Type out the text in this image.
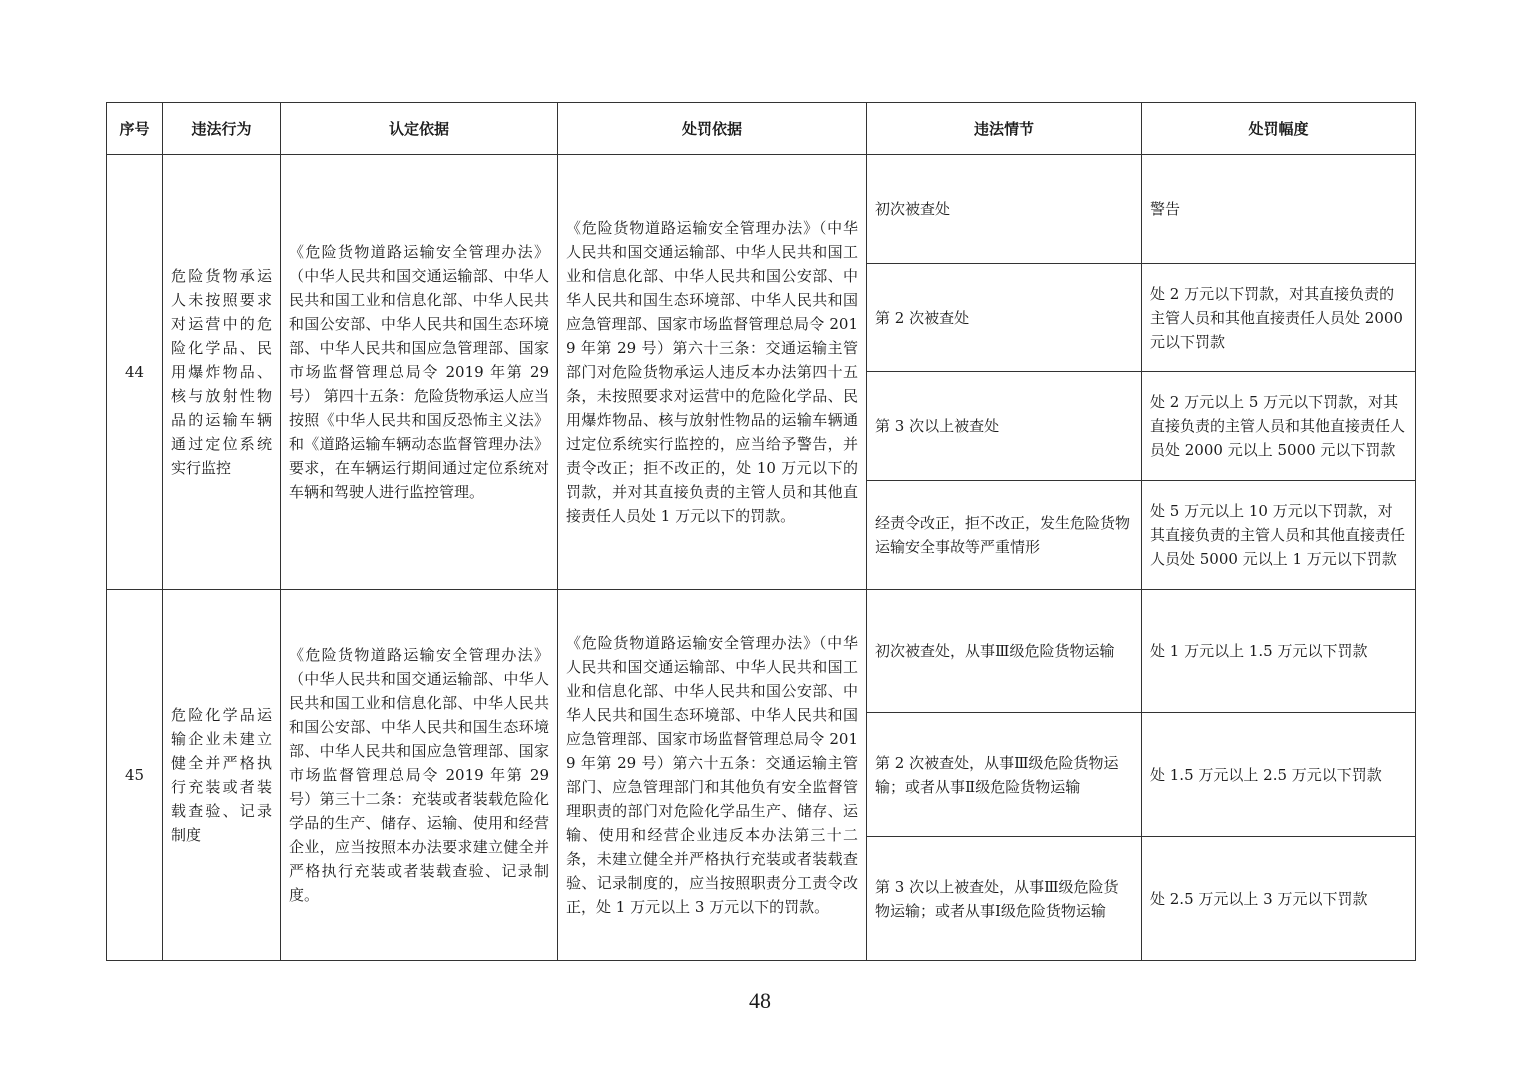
序号	违法行为	认定依据	处罚依据	违法情节	处罚幅度
44	危险货物承运人未按照要求对运营中的危险化学品、民用爆炸物品、核与放射性物品的运输车辆通过定位系统实行监控	《危险货物道路运输安全管理办法》（中华人民共和国交通运输部、中华人民共和国工业和信息化部、中华人民共和国公安部、中华人民共和国生态环境部、中华人民共和国应急管理部、国家市场监督管理总局令 2019 年第 29 号） 第四十五条：危险货物承运人应当按照《中华人民共和国反恐怖主义法》和《道路运输车辆动态监督管理办法》要求，在车辆运行期间通过定位系统对车辆和驾驶人进行监控管理。	《危险货物道路运输安全管理办法》（中华人民共和国交通运输部、中华人民共和国工业和信息化部、中华人民共和国公安部、中华人民共和国生态环境部、中华人民共和国应急管理部、国家市场监督管理总局令 2019 年第 29 号）第六十三条：交通运输主管部门对危险货物承运人违反本办法第四十五条，未按照要求对运营中的危险化学品、民用爆炸物品、核与放射性物品的运输车辆通过定位系统实行监控的，应当给予警告，并责令改正；拒不改正的，处 10 万元以下的罚款，并对其直接负责的主管人员和其他直接责任人员处 1 万元以下的罚款。	初次被查处	警告
				第 2 次被查处	处 2 万元以下罚款，对其直接负责的主管人员和其他直接责任人员处 2000 元以下罚款
				第 3 次以上被查处	处 2 万元以上 5 万元以下罚款，对其直接负责的主管人员和其他直接责任人员处 2000 元以上 5000 元以下罚款
				经责令改正，拒不改正，发生危险货物运输安全事故等严重情形	处 5 万元以上 10 万元以下罚款，对其直接负责的主管人员和其他直接责任人员处 5000 元以上 1 万元以下罚款
45	危险化学品运输企业未建立健全并严格执行充装或者装载查验、记录制度	《危险货物道路运输安全管理办法》（中华人民共和国交通运输部、中华人民共和国工业和信息化部、中华人民共和国公安部、中华人民共和国生态环境部、中华人民共和国应急管理部、国家市场监督管理总局令 2019 年第 29 号）第三十二条：充装或者装载危险化学品的生产、储存、运输、使用和经营企业，应当按照本办法要求建立健全并严格执行充装或者装载查验、记录制度。	《危险货物道路运输安全管理办法》（中华人民共和国交通运输部、中华人民共和国工业和信息化部、中华人民共和国公安部、中华人民共和国生态环境部、中华人民共和国应急管理部、国家市场监督管理总局令 2019 年第 29 号）第六十五条：交通运输主管部门、应急管理部门和其他负有安全监督管理职责的部门对危险化学品生产、储存、运输、使用和经营企业违反本办法第三十二条，未建立健全并严格执行充装或者装载查验、记录制度的，应当按照职责分工责令改正，处 1 万元以上 3 万元以下的罚款。	初次被查处，从事Ⅲ级危险货物运输	处 1 万元以上 1.5 万元以下罚款
				第 2 次被查处，从事Ⅲ级危险货物运输；或者从事Ⅱ级危险货物运输	处 1.5 万元以上 2.5 万元以下罚款
				第 3 次以上被查处，从事Ⅲ级危险货物运输；或者从事Ⅰ级危险货物运输	处 2.5 万元以上 3 万元以下罚款
48
